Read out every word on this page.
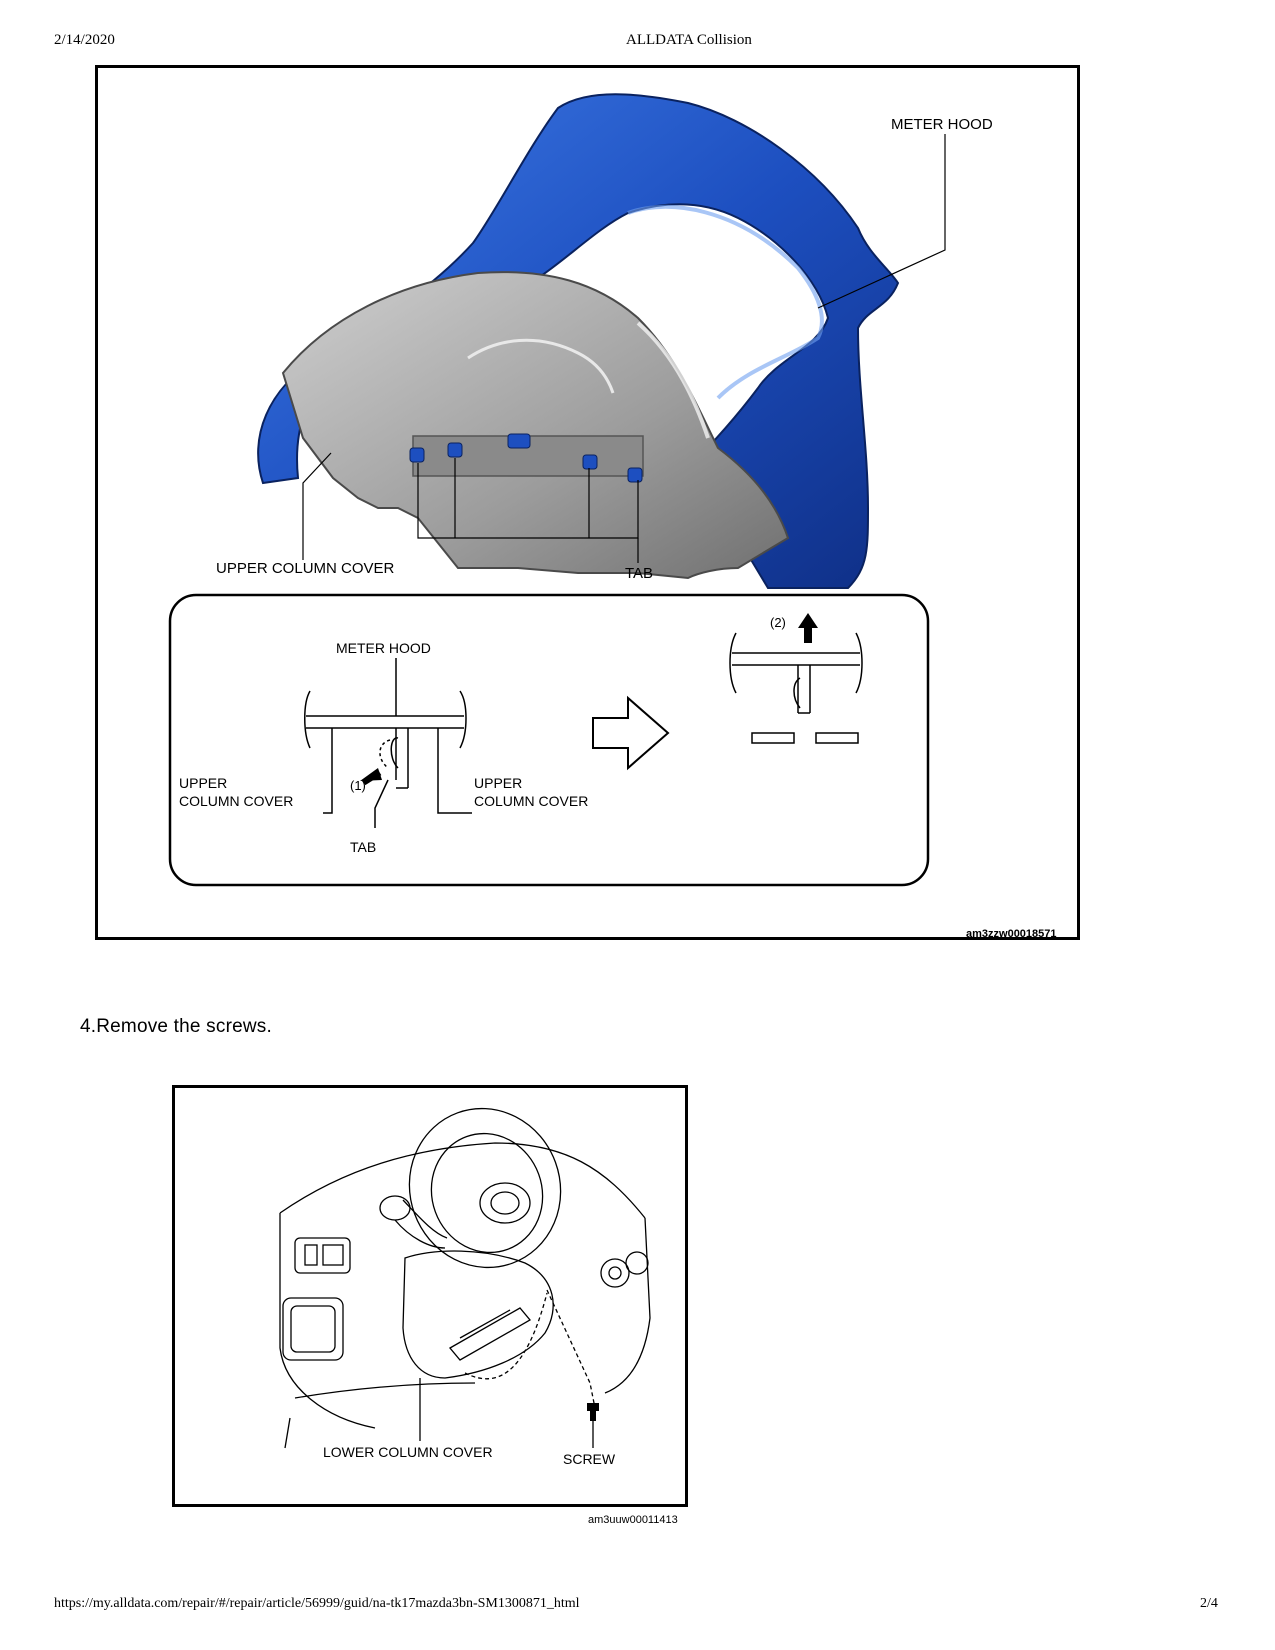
2/14/2020	ALLDATA Collision
METER HOOD
UPPER COLUMN COVER	TAB
METER HOOD
UPPER
COLUMN COVER
UPPER
COLUMN COVER
(1)
TAB
(2)
am3zzw00018571
4.Remove the screws.
LOWER COLUMN COVER	SCREW
am3uuw00011413
https://my.alldata.com/repair/#/repair/article/56999/guid/na-tk17mazda3bn-SM1300871_html	2/4
